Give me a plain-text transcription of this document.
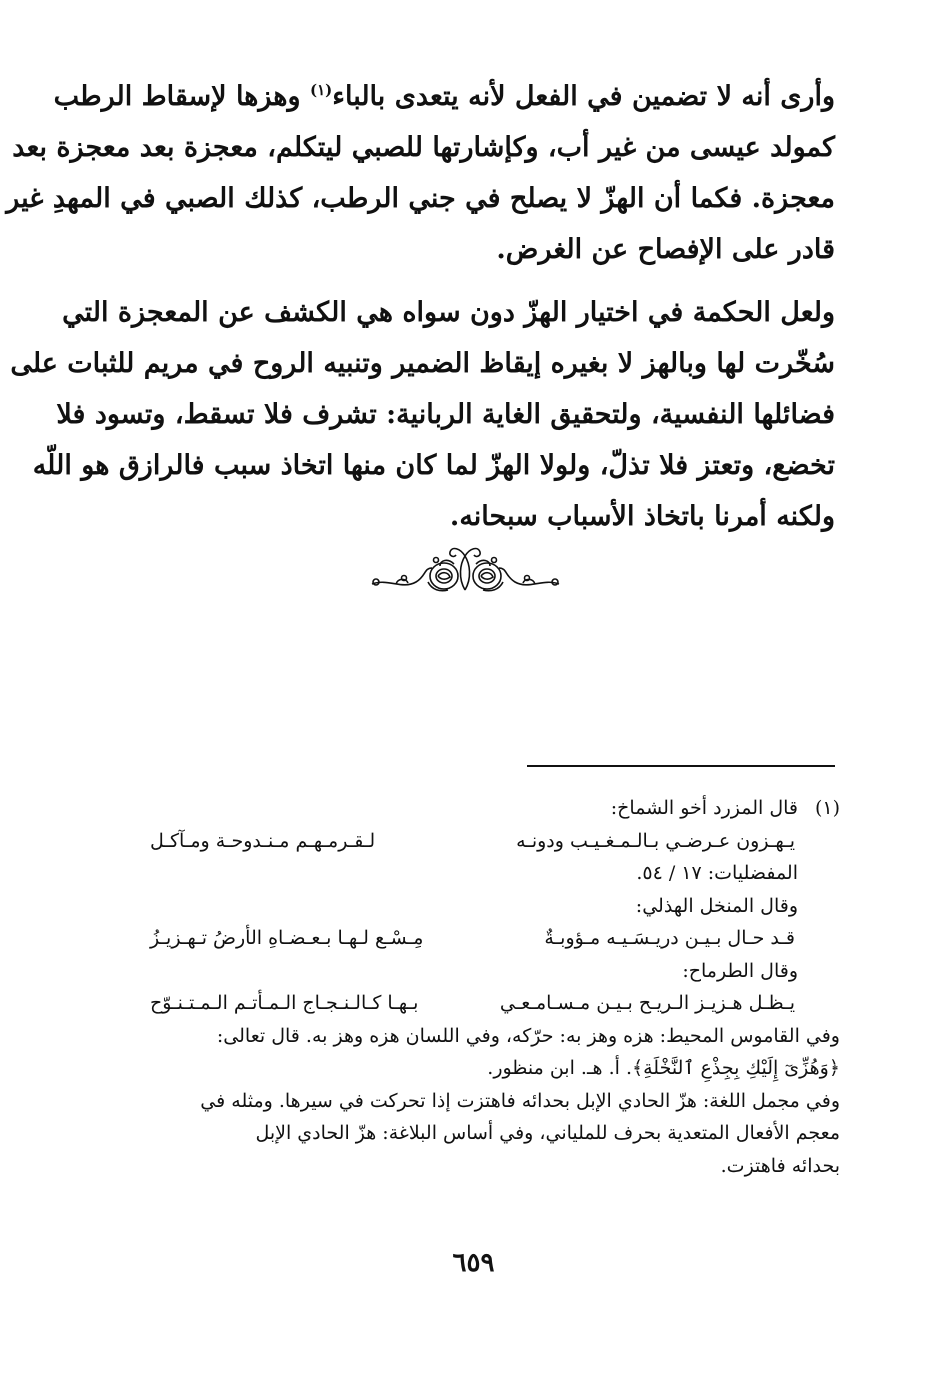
وأرى أنه لا تضمين في الفعل لأنه يتعدى بالباء$^{(١)}$ وهزها لإسقاط الرطب
كمولد عيسى من غير أب، وكإشارتها للصبي ليتكلم، معجزة بعد معجزة بعد
معجزة. فكما أن الهزّ لا يصلح في جني الرطب، كذلك الصبي في المهدِ غير
قادر على الإفصاح عن الغرض.

ولعل الحكمة في اختيار الهزّ دون سواه هي الكشف عن المعجزة التي
سُخّرت لها وبالهز لا بغيره إيقاظ الضمير وتنبيه الروح في مريم للثبات على
فضائلها النفسية، ولتحقيق الغاية الربانية: تشرف فلا تسقط، وتسود فلا
تخضع، وتعتز فلا تذلّ، ولولا الهزّ لما كان منها اتخاذ سبب فالرازق هو اللّه
ولكنه أمرنا باتخاذ الأسباب سبحانه.

(١)قال المزرد أخو الشماخ:
يـهـزون عـرضـي بـالـمـغـيـب ودونـه
لـقـرمـهـم مـنـدوحـة ومـآكـل
المفضليات: ١٧ / ٥٤.
وقال المنخل الهذلي:
قـد حـال بـيـن دريـسَـيـه مـؤوبـةٌ
مِـسْـع لـهـا بـعـضـاهِ الأرضُ تـهـزيـزُ
وقال الطرماح:
يـظـل هـزيـز الـريـح بـيـن مـسـامـعـي
بـهـا كـالـنـجـاج الـمـأتـم الـمـتـنـوّح
وفي القاموس المحيط: هزه وهز به: حرّكه، وفي اللسان هزه وهز به. قال تعالى:
﴿وَهُزِّىٓ إِلَيْكِ بِجِذْعِ ٱلنَّخْلَةِ﴾. أ. هـ. ابن منظور.
وفي مجمل اللغة: هزّ الحادي الإبل بحدائه فاهتزت إذا تحركت في سيرها. ومثله في
معجم الأفعال المتعدية بحرف للملياني، وفي أساس البلاغة: هزّ الحادي الإبل
بحدائه فاهتزت.
٦٥٩
